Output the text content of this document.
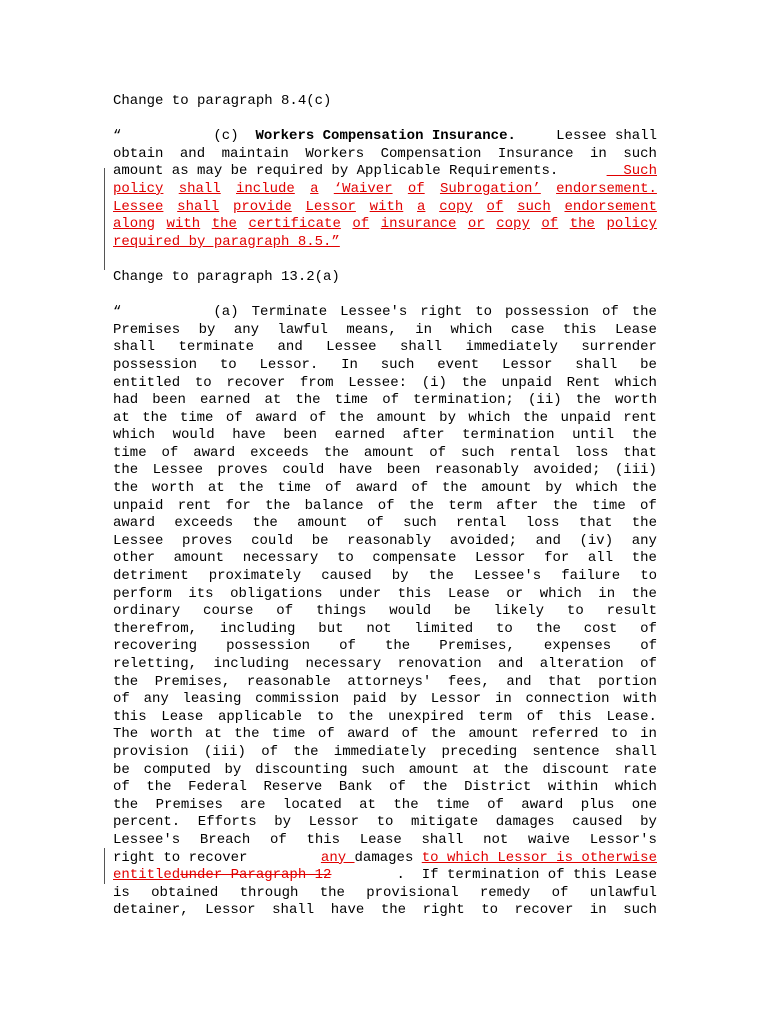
Change to paragraph 8.4(c)
“	(c) Workers Compensation Insurance.	Lessee shall
obtain and maintain Workers Compensation Insurance in such
amount as may be required by Applicable Requirements.	Such
policy shall include a ‘Waiver of Subrogation’ endorsement.
Lessee shall provide Lessor with a copy of such endorsement
along with the certificate of insurance or copy of the policy
required by paragraph 8.5.”
Change to paragraph 13.2(a)
“	(a) Terminate Lessee's right to possession of the
Premises by any lawful means, in which case this Lease
shall terminate and Lessee shall immediately surrender
possession to Lessor. In such event Lessor shall be
entitled to recover from Lessee: (i) the unpaid Rent which
had been earned at the time of termination; (ii) the worth
at the time of award of the amount by which the unpaid rent
which would have been earned after termination until the
time of award exceeds the amount of such rental loss that
the Lessee proves could have been reasonably avoided; (iii)
the worth at the time of award of the amount by which the
unpaid rent for the balance of the term after the time of
award exceeds the amount of such rental loss that the
Lessee proves could be reasonably avoided; and (iv) any
other amount necessary to compensate Lessor for all the
detriment proximately caused by the Lessee's failure to
perform its obligations under this Lease or which in the
ordinary course of things would be likely to result
therefrom, including but not limited to the cost of
recovering possession of the Premises, expenses of
reletting, including necessary renovation and alteration of
the Premises, reasonable attorneys' fees, and that portion
of any leasing commission paid by Lessor in connection with
this Lease applicable to the unexpired term of this Lease.
The worth at the time of award of the amount referred to in
provision (iii) of the immediately preceding sentence shall
be computed by discounting such amount at the discount rate
of the Federal Reserve Bank of the District within which
the Premises are located at the time of award plus one
percent. Efforts by Lessor to mitigate damages caused by
Lessee's Breach of this Lease shall not waive Lessor's
right to recover	any damages to which Lessor is otherwise
entitledunder Paragraph 12	.  If termination of this Lease
is obtained through the provisional remedy of unlawful
detainer, Lessor shall have the right to recover in such
